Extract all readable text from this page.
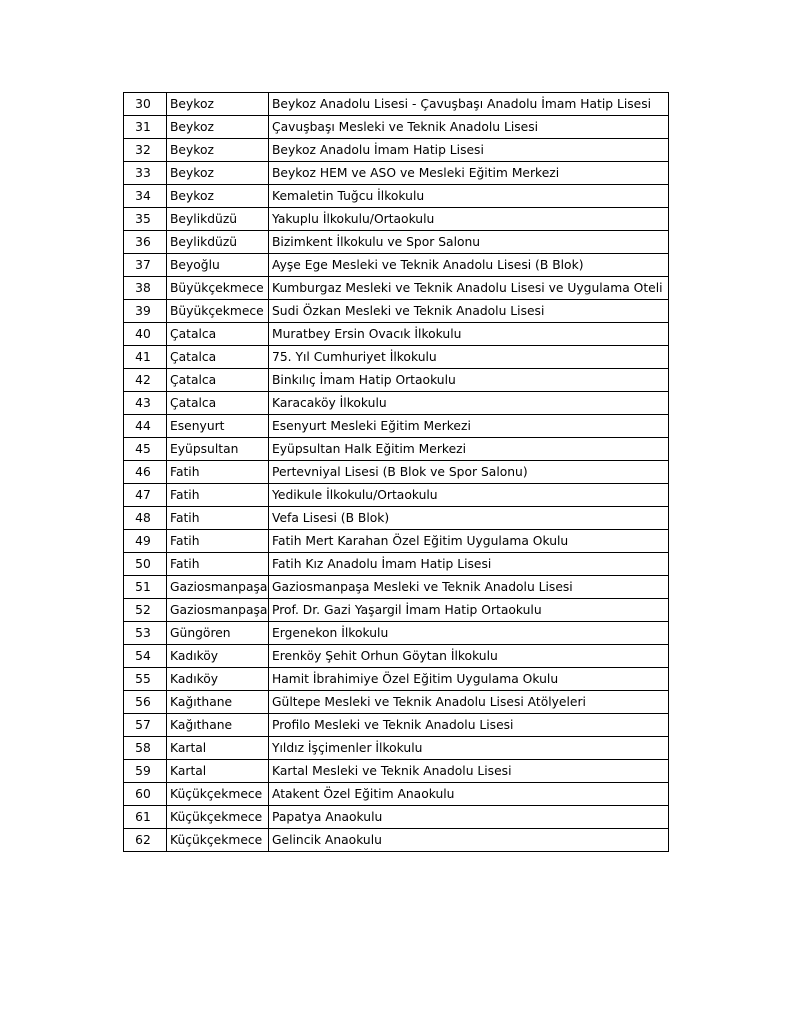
30	Beykoz	Beykoz Anadolu Lisesi - Çavuşbaşı Anadolu İmam Hatip Lisesi
31	Beykoz	Çavuşbaşı Mesleki ve Teknik Anadolu Lisesi
32	Beykoz	Beykoz Anadolu İmam Hatip Lisesi
33	Beykoz	Beykoz HEM ve ASO ve Mesleki Eğitim Merkezi
34	Beykoz	Kemaletin Tuğcu İlkokulu
35	Beylikdüzü	Yakuplu İlkokulu/Ortaokulu
36	Beylikdüzü	Bizimkent İlkokulu ve Spor Salonu
37	Beyoğlu	Ayşe Ege Mesleki ve Teknik Anadolu Lisesi (B Blok)
38	Büyükçekmece	Kumburgaz Mesleki ve Teknik Anadolu Lisesi ve Uygulama Oteli
39	Büyükçekmece	Sudi Özkan Mesleki ve Teknik Anadolu Lisesi
40	Çatalca	Muratbey Ersin Ovacık İlkokulu
41	Çatalca	75. Yıl Cumhuriyet İlkokulu
42	Çatalca	Binkılıç İmam Hatip Ortaokulu
43	Çatalca	Karacaköy İlkokulu
44	Esenyurt	Esenyurt Mesleki Eğitim Merkezi
45	Eyüpsultan	Eyüpsultan Halk Eğitim Merkezi
46	Fatih	Pertevniyal Lisesi (B Blok ve Spor Salonu)
47	Fatih	Yedikule İlkokulu/Ortaokulu
48	Fatih	Vefa Lisesi (B Blok)
49	Fatih	Fatih Mert Karahan Özel Eğitim Uygulama Okulu
50	Fatih	Fatih Kız Anadolu İmam Hatip Lisesi
51	Gaziosmanpaşa	Gaziosmanpaşa Mesleki ve Teknik Anadolu Lisesi
52	Gaziosmanpaşa	Prof. Dr. Gazi Yaşargil İmam Hatip Ortaokulu
53	Güngören	Ergenekon İlkokulu
54	Kadıköy	Erenköy Şehit Orhun Göytan İlkokulu
55	Kadıköy	Hamit İbrahimiye Özel Eğitim Uygulama Okulu
56	Kağıthane	Gültepe Mesleki ve Teknik Anadolu Lisesi Atölyeleri
57	Kağıthane	Profilo Mesleki ve Teknik Anadolu Lisesi
58	Kartal	Yıldız İşçimenler İlkokulu
59	Kartal	Kartal Mesleki ve Teknik Anadolu Lisesi
60	Küçükçekmece	Atakent Özel Eğitim Anaokulu
61	Küçükçekmece	Papatya Anaokulu
62	Küçükçekmece	Gelincik Anaokulu
